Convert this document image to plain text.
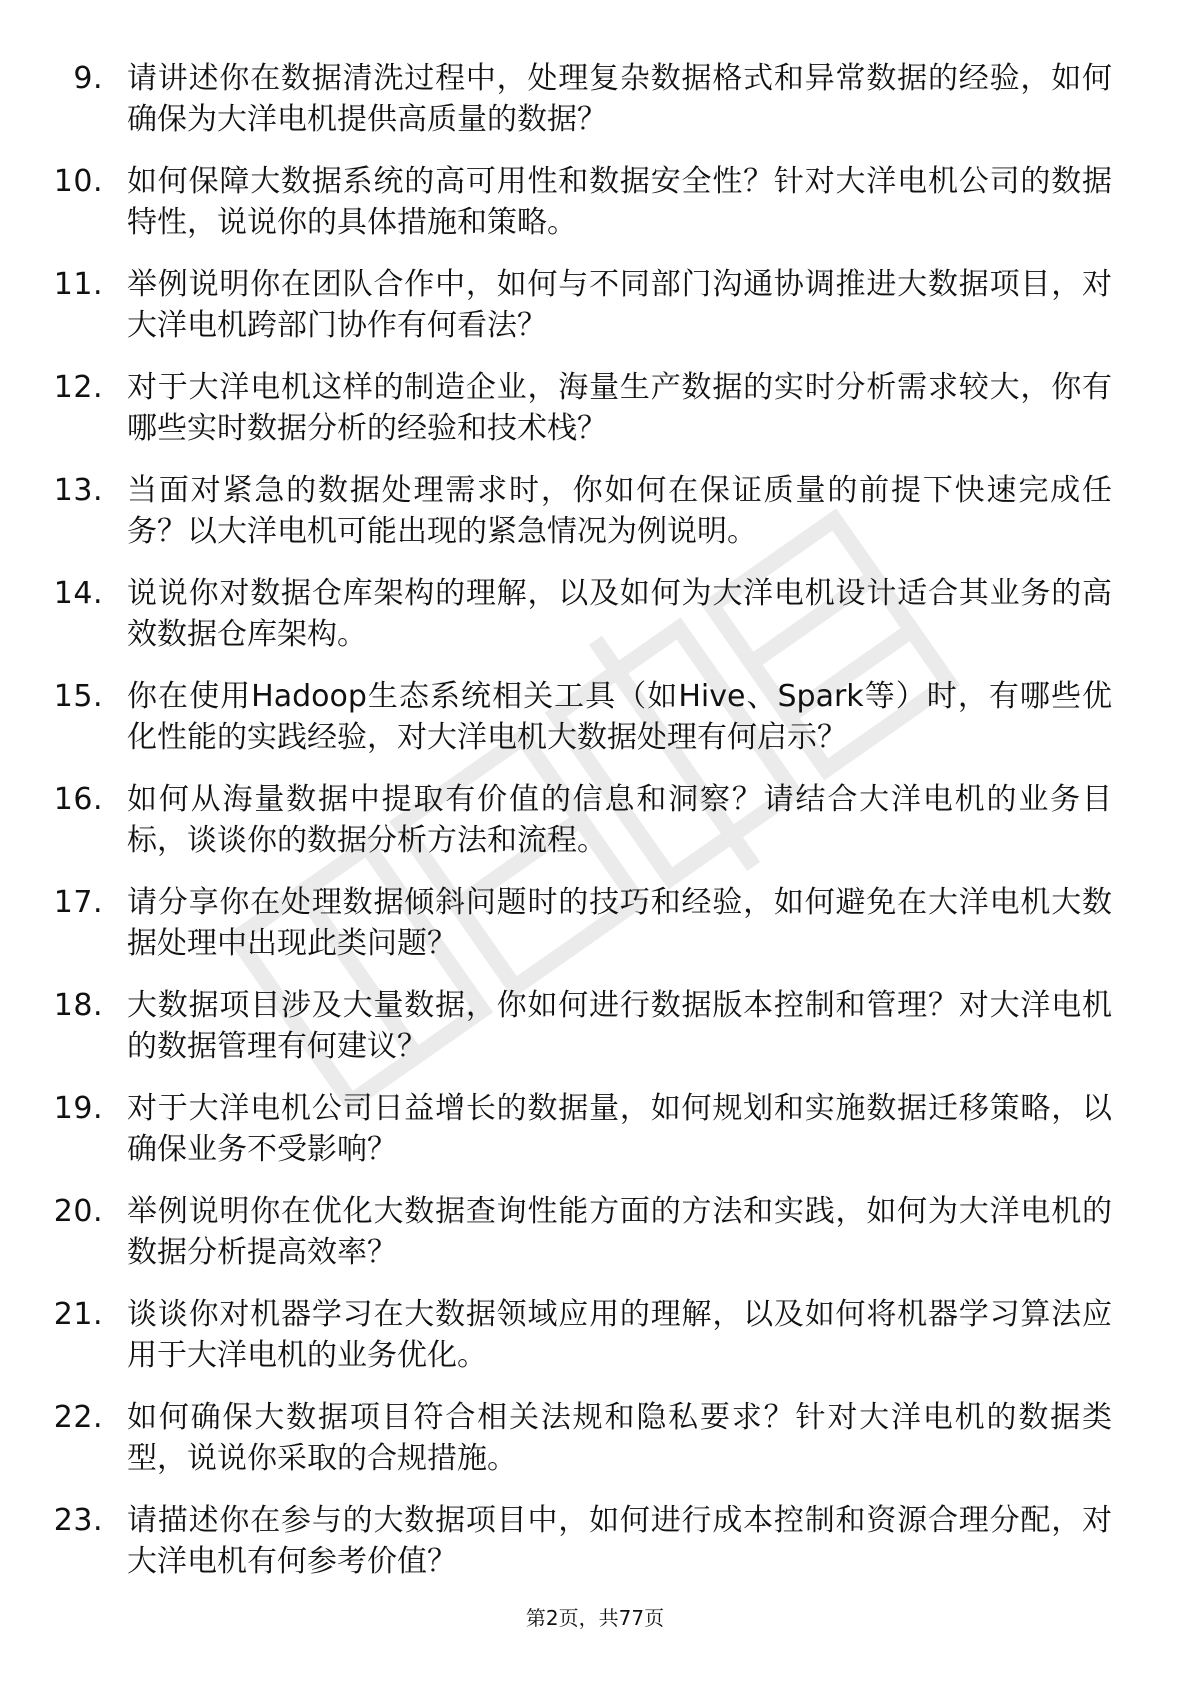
9. 请讲述你在数据清洗过程中，处理复杂数据格式和异常数据的经验，如何确保为大洋电机提供高质量的数据？
10. 如何保障大数据系统的高可用性和数据安全性？针对大洋电机公司的数据特性，说说你的具体措施和策略。
11. 举例说明你在团队合作中，如何与不同部门沟通协调推进大数据项目，对大洋电机跨部门协作有何看法？
12. 对于大洋电机这样的制造企业，海量生产数据的实时分析需求较大，你有哪些实时数据分析的经验和技术栈？
13. 当面对紧急的数据处理需求时，你如何在保证质量的前提下快速完成任务？以大洋电机可能出现的紧急情况为例说明。
14. 说说你对数据仓库架构的理解，以及如何为大洋电机设计适合其业务的高效数据仓库架构。
15. 你在使用Hadoop生态系统相关工具（如Hive、Spark等）时，有哪些优化性能的实践经验，对大洋电机大数据处理有何启示？
16. 如何从海量数据中提取有价值的信息和洞察？请结合大洋电机的业务目标，谈谈你的数据分析方法和流程。
17. 请分享你在处理数据倾斜问题时的技巧和经验，如何避免在大洋电机大数据处理中出现此类问题？
18. 大数据项目涉及大量数据，你如何进行数据版本控制和管理？对大洋电机的数据管理有何建议？
19. 对于大洋电机公司日益增长的数据量，如何规划和实施数据迁移策略，以确保业务不受影响？
20. 举例说明你在优化大数据查询性能方面的方法和实践，如何为大洋电机的数据分析提高效率？
21. 谈谈你对机器学习在大数据领域应用的理解，以及如何将机器学习算法应用于大洋电机的业务优化。
22. 如何确保大数据项目符合相关法规和隐私要求？针对大洋电机的数据类型，说说你采取的合规措施。
23. 请描述你在参与的大数据项目中，如何进行成本控制和资源合理分配，对大洋电机有何参考价值？
第2页，共77页
